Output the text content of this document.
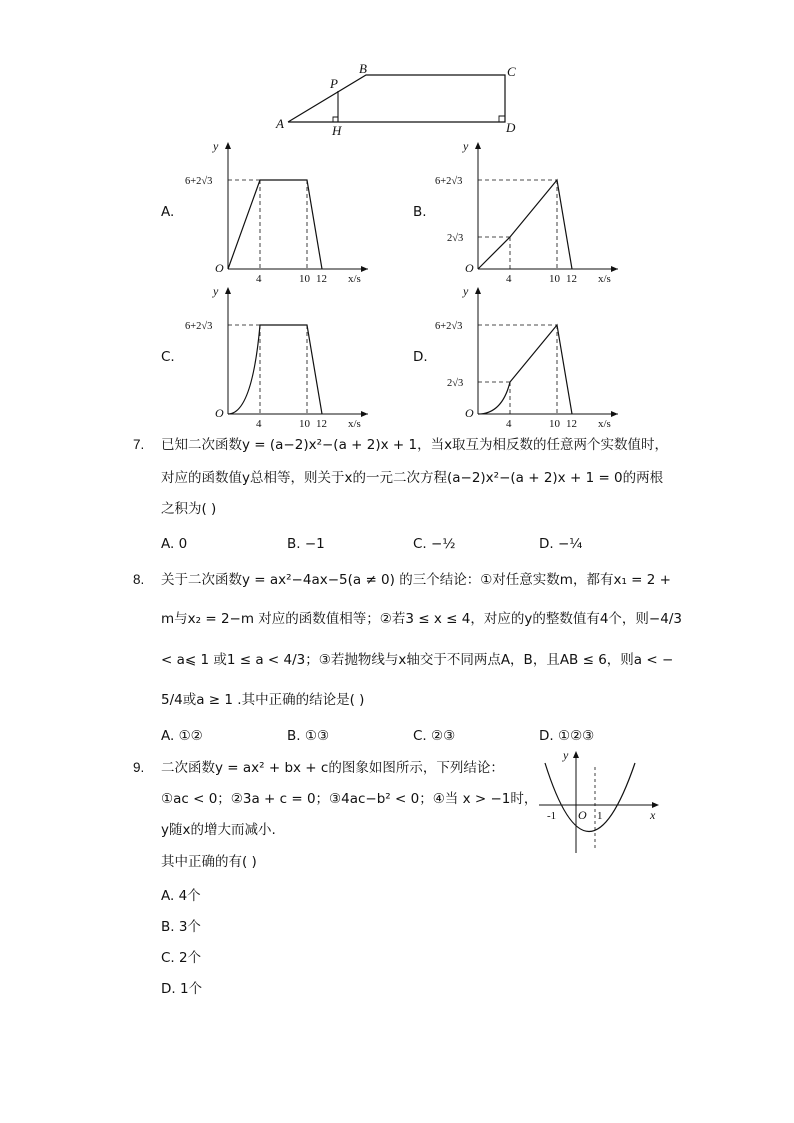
A
B	C
D
P
H
A.
y
6+2√3
O
4	10 12 x/s
B.
y
6+2√3
2√3
O
4	10 12 x/s
C.
y
6+2√3
O
4	10 12 x/s
D.
y
6+2√3
2√3
O
4	10 12 x/s
7. 已知二次函数y = (a−2)x²−(a + 2)x + 1，当x取互为相反数的任意两个实数值时，
对应的函数值y总相等，则关于x的一元二次方程(a−2)x²−(a + 2)x + 1 = 0的两根
之积为( )
A. 0	B. −1	C. −½	D. −¼
8. 关于二次函数y = ax²−4ax−5(a ≠ 0) 的三个结论：①对任意实数m，都有x₁ = 2 +
m与x₂ = 2−m 对应的函数值相等；②若3 ≤ x ≤ 4，对应的y的整数值有4个，则−4/3
< a⩽ 1 或1 ≤ a < 4/3；③若抛物线与x轴交于不同两点A，B，且AB ≤ 6，则a < −
5/4或a ≥ 1 .其中正确的结论是( )
A. ①②	B. ①③	C. ②③	D. ①②③
9. 二次函数y = ax² + bx + c的图象如图所示，下列结论：
①ac < 0；②3a + c = 0；③4ac−b² < 0；④当 x > −1时，
y随x的增大而减小.
其中正确的有( )
A. 4个
B. 3个
C. 2个
D. 1个
y
x
O
-1	1
